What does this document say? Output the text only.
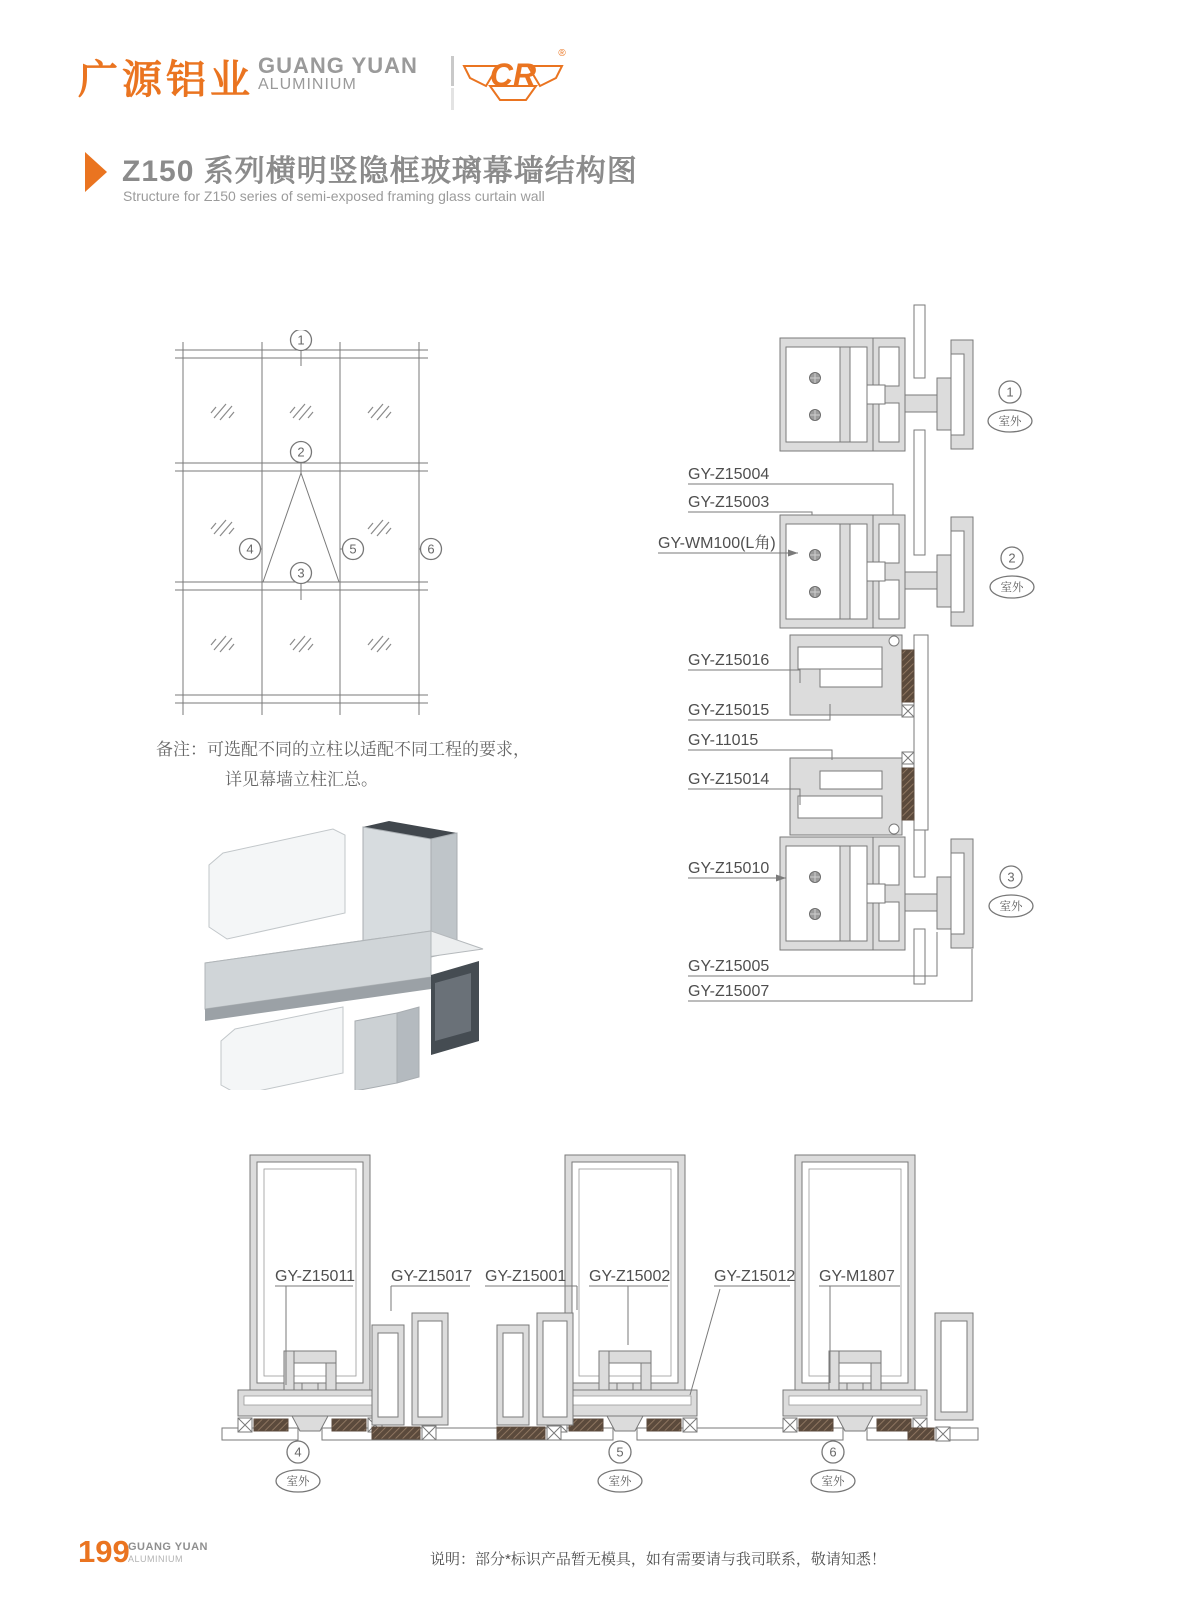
广源铝业 GUANG YUAN
ALUMINIUM	CR
®
Z150 系列横明竖隐框玻璃幕墙结构图

Structure for Z150 series of semi-exposed framing glass curtain wall

1
2
3
4	5	6
备注：可选配不同的立柱以适配不同工程的要求，
详见幕墙立柱汇总。
GY-Z15004
GY-Z15003
GY-WM100(L角)
GY-Z15016
GY-Z15015
GY-11015
GY-Z15014
GY-Z15010
GY-Z15005
GY-Z15007
1
室外
2
室外
3
室外
GY-Z15011 GY-Z15017 GY-Z15001 GY-Z15002	GY-Z15012 GY-M1807
4
室外
5
室外
6
室外
199
GUANG YUAN
ALUMINIUM	说明：部分*标识产品暂无模具，如有需要请与我司联系，敬请知悉！
